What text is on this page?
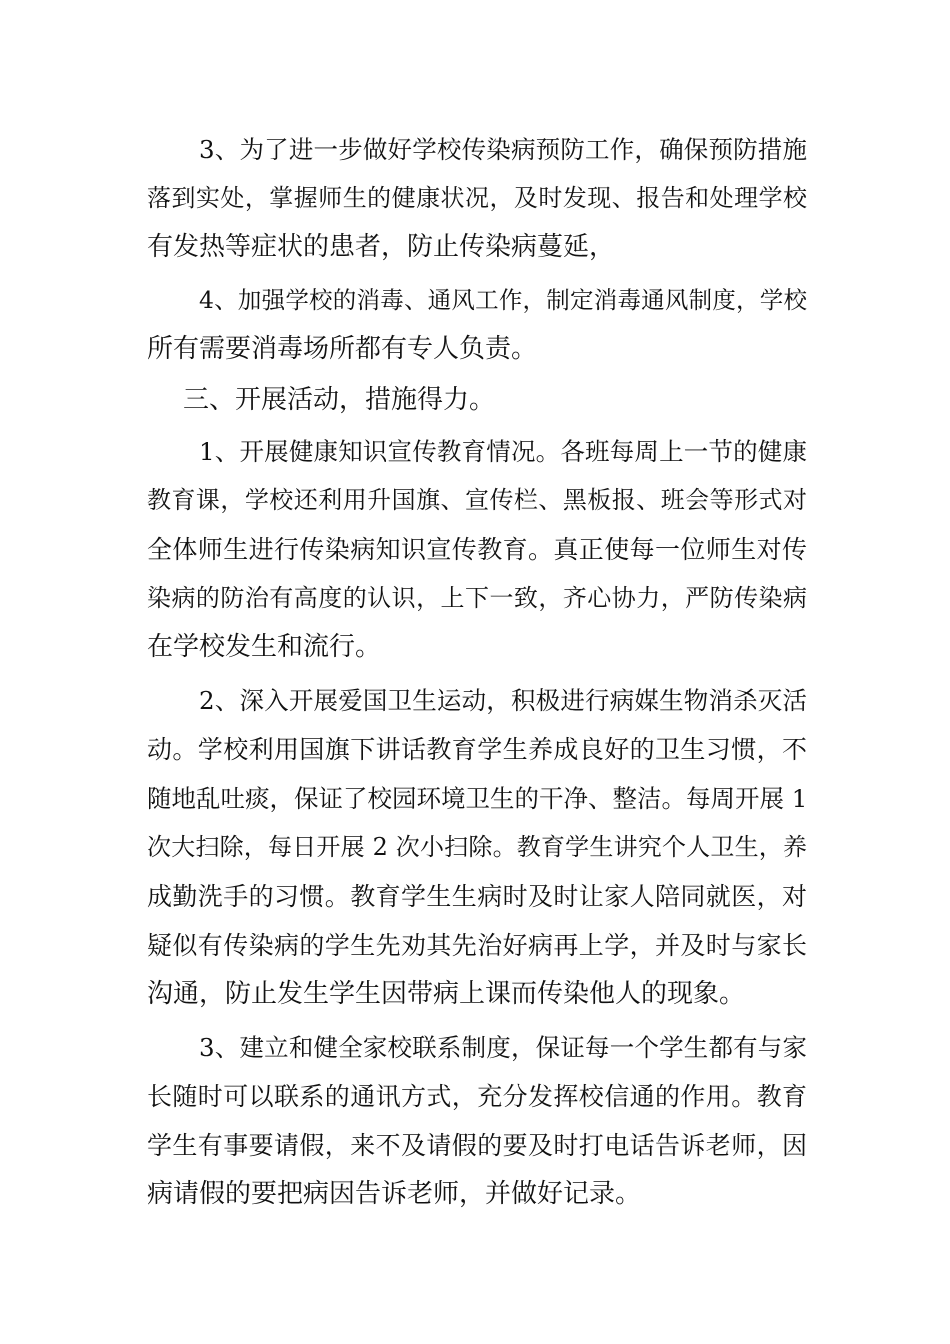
3、为了进一步做好学校传染病预防工作，确保预防措施
落到实处，掌握师生的健康状况，及时发现、报告和处理学校
有发热等症状的患者，防止传染病蔓延，
4、加强学校的消毒、通风工作，制定消毒通风制度，学校
所有需要消毒场所都有专人负责。
三、开展活动，措施得力。
1、开展健康知识宣传教育情况。各班每周上一节的健康
教育课，学校还利用升国旗、宣传栏、黑板报、班会等形式对
全体师生进行传染病知识宣传教育。真正使每一位师生对传
染病的防治有高度的认识，上下一致，齐心协力，严防传染病
在学校发生和流行。
2、深入开展爱国卫生运动，积极进行病媒生物消杀灭活
动。学校利用国旗下讲话教育学生养成良好的卫生习惯，不
随地乱吐痰，保证了校园环境卫生的干净、整洁。每周开展 1
次大扫除，每日开展 2 次小扫除。教育学生讲究个人卫生，养
成勤洗手的习惯。教育学生生病时及时让家人陪同就医，对
疑似有传染病的学生先劝其先治好病再上学，并及时与家长
沟通，防止发生学生因带病上课而传染他人的现象。
3、建立和健全家校联系制度，保证每一个学生都有与家
长随时可以联系的通讯方式，充分发挥校信通的作用。教育
学生有事要请假，来不及请假的要及时打电话告诉老师，因
病请假的要把病因告诉老师，并做好记录。
